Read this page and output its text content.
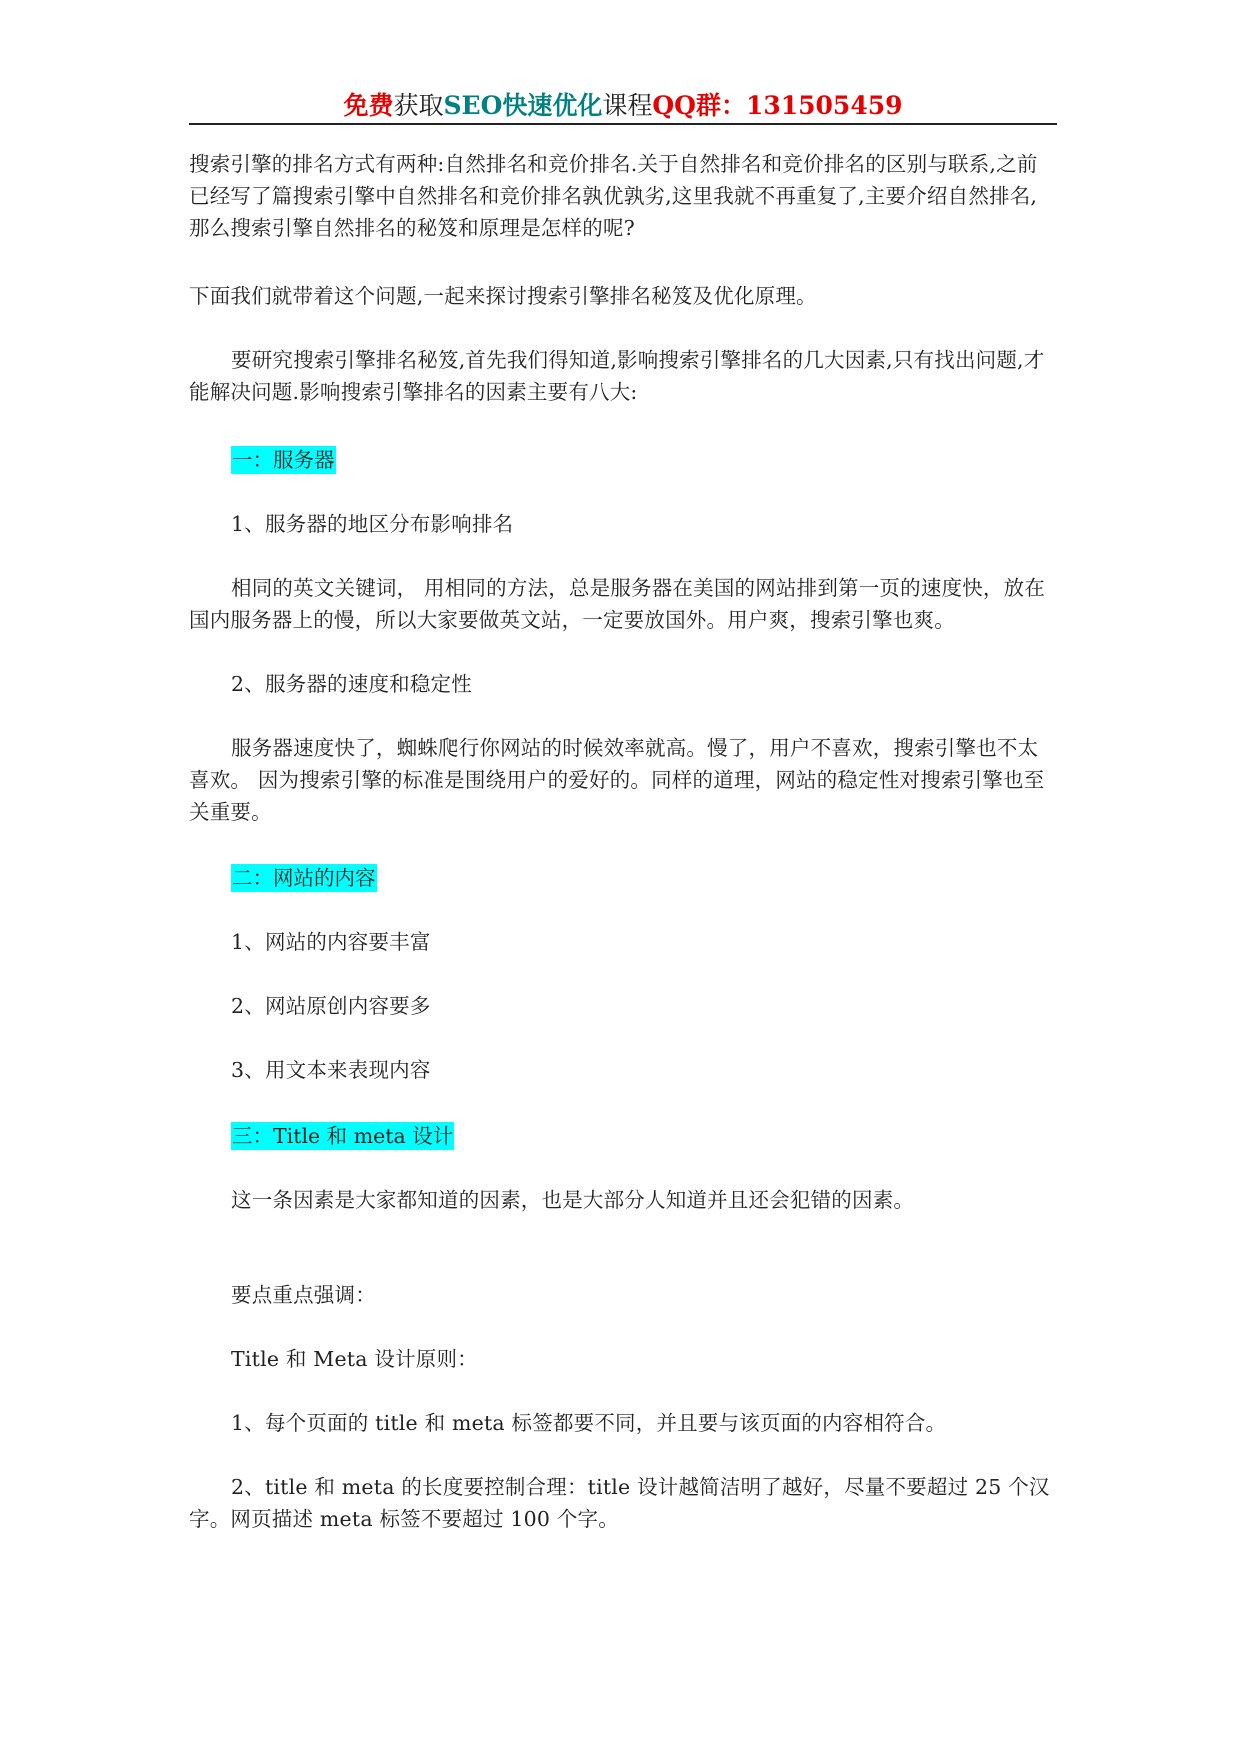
免费获取SEO快速优化课程QQ群：131505459

搜索引擎的排名方式有两种:自然排名和竞价排名.关于自然排名和竞价排名的区别与联系,之前已经写了篇搜索引擎中自然排名和竞价排名孰优孰劣,这里我就不再重复了,主要介绍自然排名,那么搜索引擎自然排名的秘笈和原理是怎样的呢?

下面我们就带着这个问题,一起来探讨搜索引擎排名秘笈及优化原理。

要研究搜索引擎排名秘笈,首先我们得知道,影响搜索引擎排名的几大因素,只有找出问题,才能解决问题.影响搜索引擎排名的因素主要有八大:

一：服务器

1、服务器的地区分布影响排名

相同的英文关键词， 用相同的方法，总是服务器在美国的网站排到第一页的速度快，放在国内服务器上的慢，所以大家要做英文站，一定要放国外。用户爽，搜索引擎也爽。

2、服务器的速度和稳定性

服务器速度快了，蜘蛛爬行你网站的时候效率就高。慢了，用户不喜欢，搜索引擎也不太喜欢。 因为搜索引擎的标准是围绕用户的爱好的。同样的道理，网站的稳定性对搜索引擎也至关重要。

二：网站的内容

1、网站的内容要丰富

2、网站原创内容要多

3、用文本来表现内容

三：Title 和 meta 设计

这一条因素是大家都知道的因素，也是大部分人知道并且还会犯错的因素。

要点重点强调：

Title 和 Meta 设计原则：

1、每个页面的 title 和 meta 标签都要不同，并且要与该页面的内容相符合。

2、title 和 meta 的长度要控制合理：title 设计越简洁明了越好，尽量不要超过 25 个汉字。网页描述 meta 标签不要超过 100 个字。
